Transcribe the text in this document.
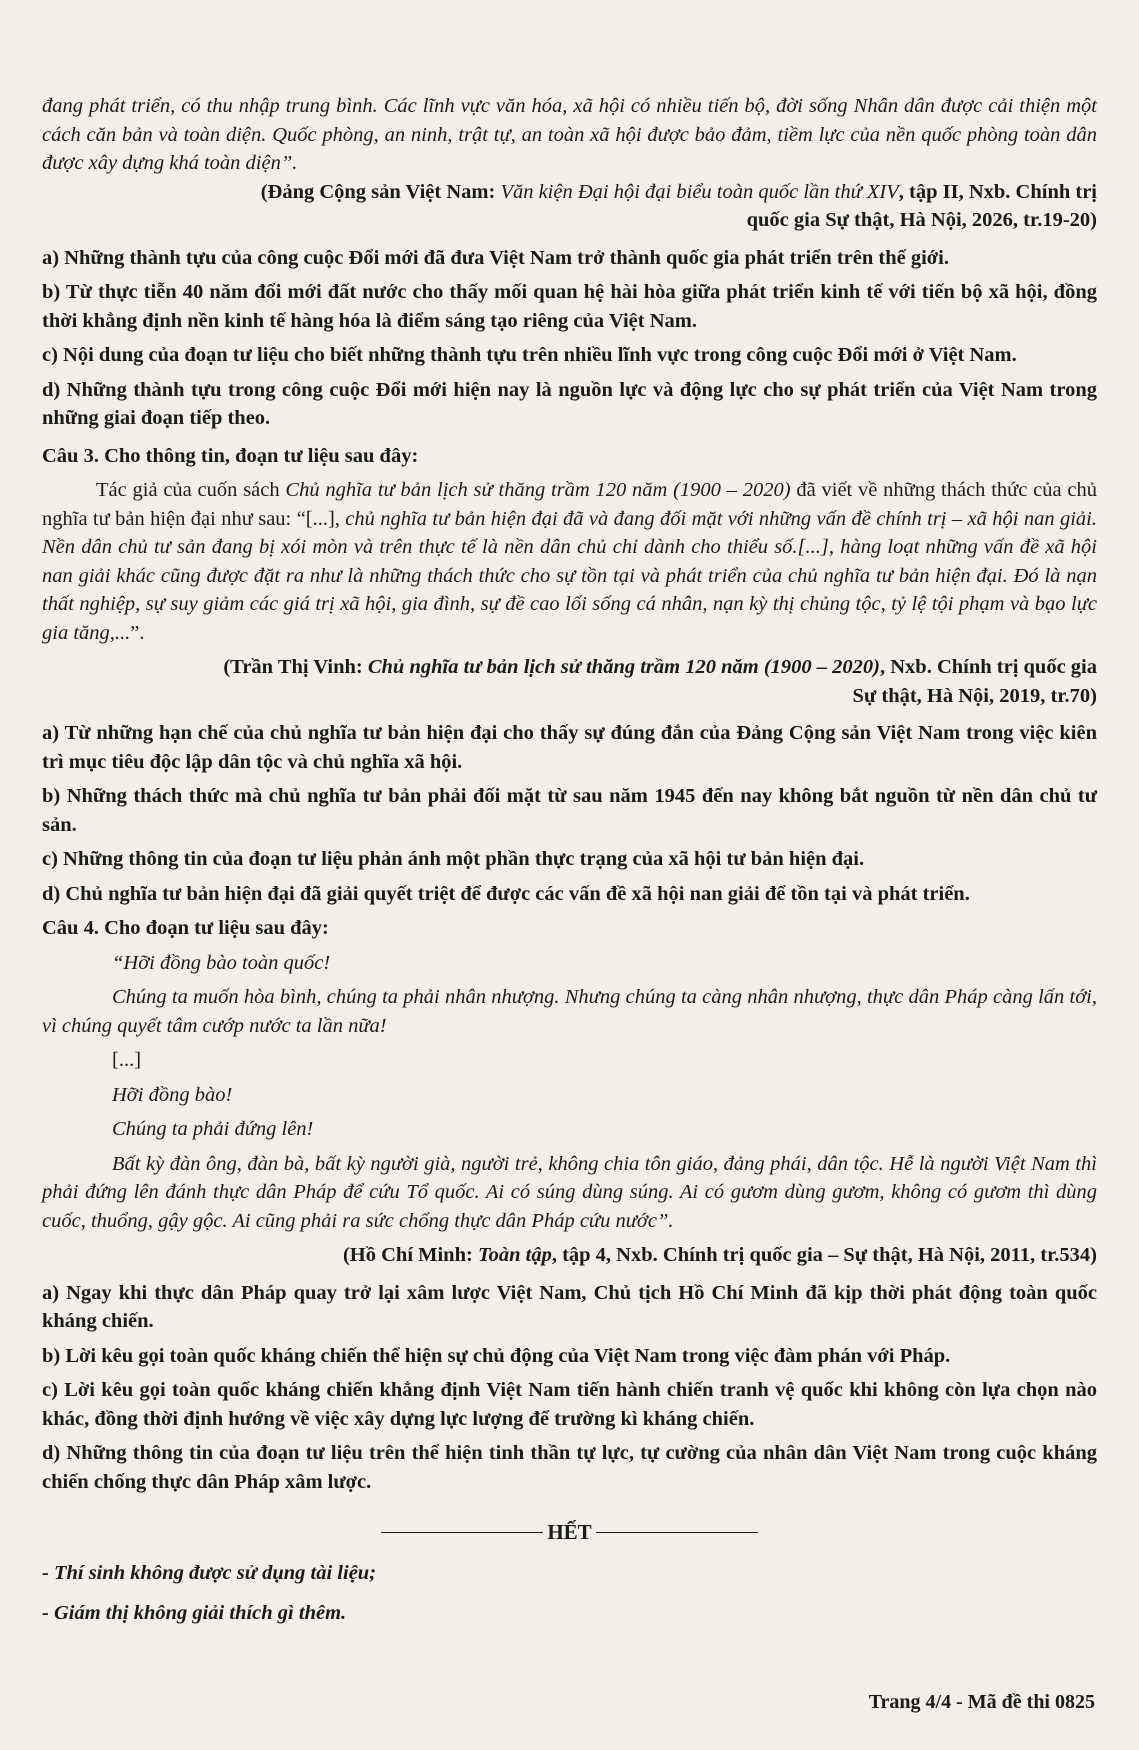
đang phát triển, có thu nhập trung bình. Các lĩnh vực văn hóa, xã hội có nhiều tiến bộ, đời sống Nhân dân được cải thiện một cách căn bản và toàn diện. Quốc phòng, an ninh, trật tự, an toàn xã hội được bảo đảm, tiềm lực của nền quốc phòng toàn dân được xây dựng khá toàn diện”.

(Đảng Cộng sản Việt Nam: Văn kiện Đại hội đại biểu toàn quốc lần thứ XIV, tập II, Nxb. Chính trị

quốc gia Sự thật, Hà Nội, 2026, tr.19-20)

a) Những thành tựu của công cuộc Đổi mới đã đưa Việt Nam trở thành quốc gia phát triển trên thế giới.

b) Từ thực tiễn 40 năm đổi mới đất nước cho thấy mối quan hệ hài hòa giữa phát triển kinh tế với tiến bộ xã hội, đồng thời khẳng định nền kinh tế hàng hóa là điểm sáng tạo riêng của Việt Nam.

c) Nội dung của đoạn tư liệu cho biết những thành tựu trên nhiều lĩnh vực trong công cuộc Đổi mới ở Việt Nam.

d) Những thành tựu trong công cuộc Đổi mới hiện nay là nguồn lực và động lực cho sự phát triển của Việt Nam trong những giai đoạn tiếp theo.

Câu 3. Cho thông tin, đoạn tư liệu sau đây:

Tác giả của cuốn sách Chủ nghĩa tư bản lịch sử thăng trầm 120 năm (1900 – 2020) đã viết về những thách thức của chủ nghĩa tư bản hiện đại như sau: “[...], chủ nghĩa tư bản hiện đại đã và đang đối mặt với những vấn đề chính trị – xã hội nan giải. Nền dân chủ tư sản đang bị xói mòn và trên thực tế là nền dân chủ chỉ dành cho thiểu số.[...], hàng loạt những vấn đề xã hội nan giải khác cũng được đặt ra như là những thách thức cho sự tồn tại và phát triển của chủ nghĩa tư bản hiện đại. Đó là nạn thất nghiệp, sự suy giảm các giá trị xã hội, gia đình, sự đề cao lối sống cá nhân, nạn kỳ thị chủng tộc, tỷ lệ tội phạm và bạo lực gia tăng,...”.

(Trần Thị Vinh: Chủ nghĩa tư bản lịch sử thăng trầm 120 năm (1900 – 2020), Nxb. Chính trị quốc gia

Sự thật, Hà Nội, 2019, tr.70)

a) Từ những hạn chế của chủ nghĩa tư bản hiện đại cho thấy sự đúng đắn của Đảng Cộng sản Việt Nam trong việc kiên trì mục tiêu độc lập dân tộc và chủ nghĩa xã hội.

b) Những thách thức mà chủ nghĩa tư bản phải đối mặt từ sau năm 1945 đến nay không bắt nguồn từ nền dân chủ tư sản.

c) Những thông tin của đoạn tư liệu phản ánh một phần thực trạng của xã hội tư bản hiện đại.

d) Chủ nghĩa tư bản hiện đại đã giải quyết triệt để được các vấn đề xã hội nan giải để tồn tại và phát triển.

Câu 4. Cho đoạn tư liệu sau đây:

“Hỡi đồng bào toàn quốc!

Chúng ta muốn hòa bình, chúng ta phải nhân nhượng. Nhưng chúng ta càng nhân nhượng, thực dân Pháp càng lấn tới, vì chúng quyết tâm cướp nước ta lần nữa!

[...]

Hỡi đồng bào!

Chúng ta phải đứng lên!

Bất kỳ đàn ông, đàn bà, bất kỳ người già, người trẻ, không chia tôn giáo, đảng phái, dân tộc. Hễ là người Việt Nam thì phải đứng lên đánh thực dân Pháp để cứu Tổ quốc. Ai có súng dùng súng. Ai có gươm dùng gươm, không có gươm thì dùng cuốc, thuổng, gậy gộc. Ai cũng phải ra sức chống thực dân Pháp cứu nước”.

(Hồ Chí Minh: Toàn tập, tập 4, Nxb. Chính trị quốc gia – Sự thật, Hà Nội, 2011, tr.534)

a) Ngay khi thực dân Pháp quay trở lại xâm lược Việt Nam, Chủ tịch Hồ Chí Minh đã kịp thời phát động toàn quốc kháng chiến.

b) Lời kêu gọi toàn quốc kháng chiến thể hiện sự chủ động của Việt Nam trong việc đàm phán với Pháp.

c) Lời kêu gọi toàn quốc kháng chiến khẳng định Việt Nam tiến hành chiến tranh vệ quốc khi không còn lựa chọn nào khác, đồng thời định hướng về việc xây dựng lực lượng để trường kì kháng chiến.

d) Những thông tin của đoạn tư liệu trên thể hiện tinh thần tự lực, tự cường của nhân dân Việt Nam trong cuộc kháng chiến chống thực dân Pháp xâm lược.

HẾT

- Thí sinh không được sử dụng tài liệu;

- Giám thị không giải thích gì thêm.

Trang 4/4 - Mã đề thi 0825
